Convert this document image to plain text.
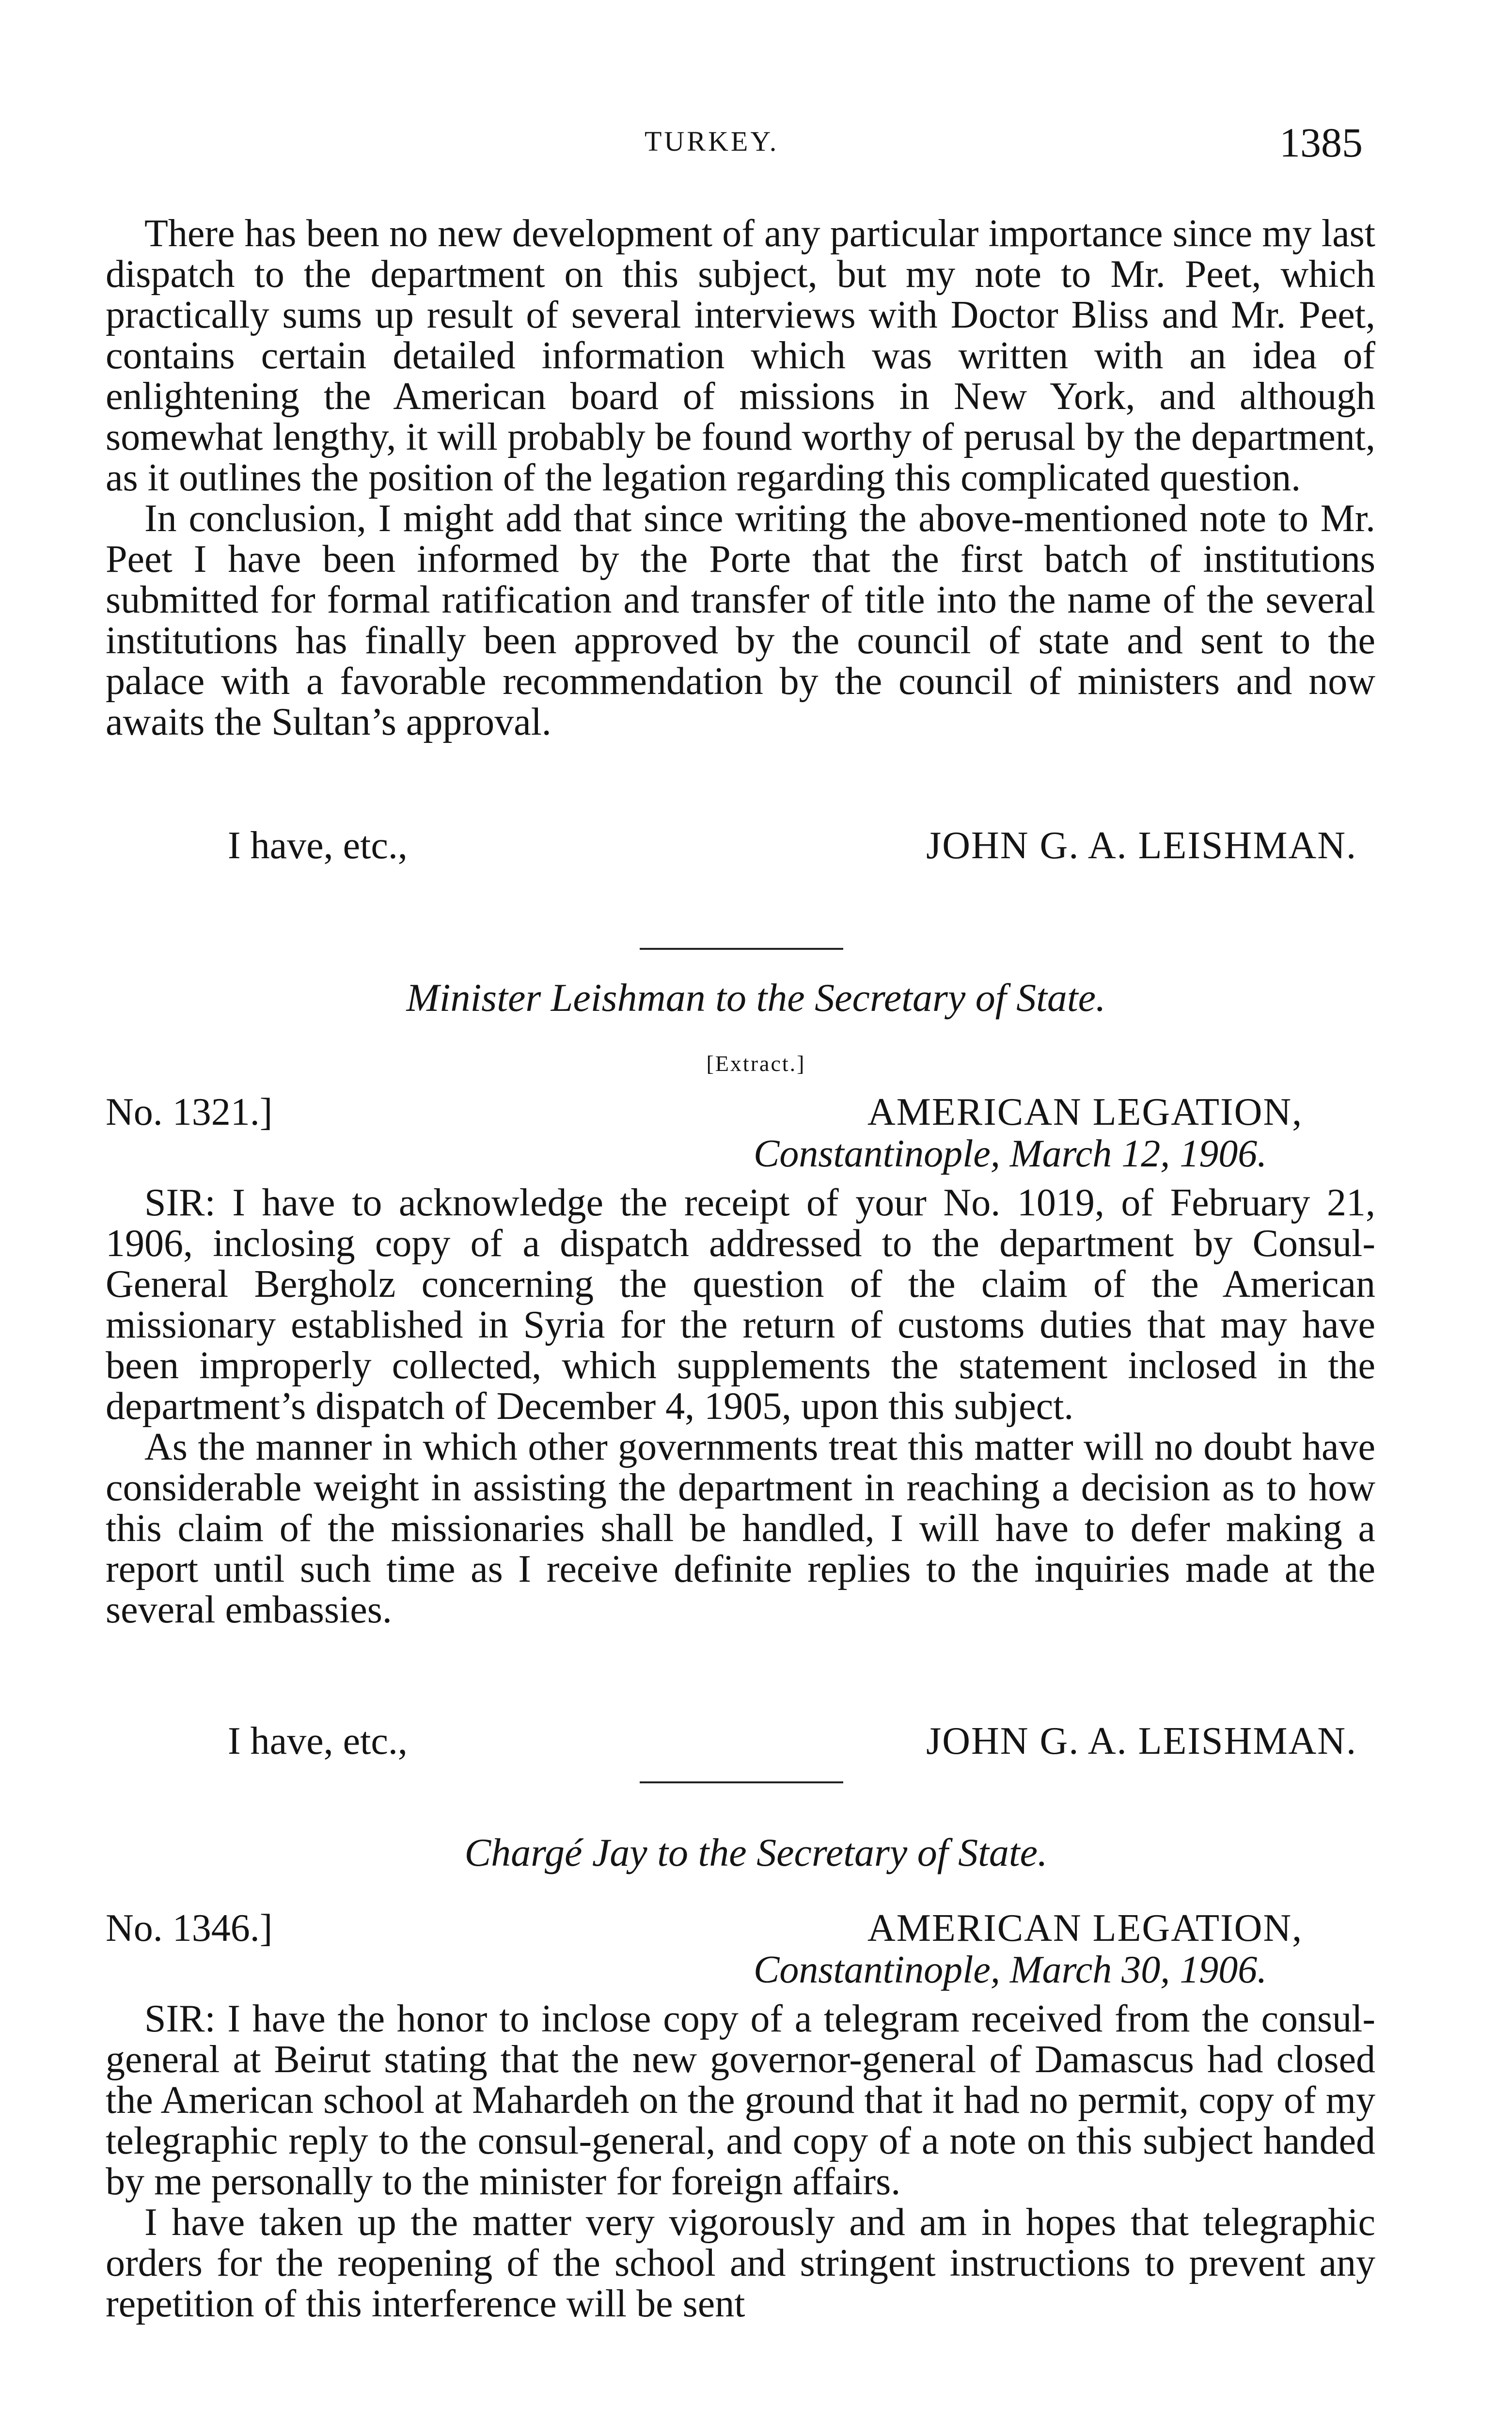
TURKEY.	1385

There has been no new development of any particular importance since my last dispatch to the department on this subject, but my note to Mr. Peet, which practically sums up result of several interviews with Doctor Bliss and Mr. Peet, contains certain detailed information which was written with an idea of enlightening the American board of missions in New York, and although somewhat lengthy, it will probably be found worthy of perusal by the department, as it outlines the position of the legation regarding this complicated question.

In conclusion, I might add that since writing the above-mentioned note to Mr. Peet I have been informed by the Porte that the first batch of institutions submitted for formal ratification and transfer of title into the name of the several institutions has finally been approved by the council of state and sent to the palace with a favorable recommendation by the council of ministers and now awaits the Sultan’s approval.

I have, etc.,	JOHN G. A. LEISHMAN.
Minister Leishman to the Secretary of State.
[Extract.]
No. 1321.]	AMERICAN LEGATION,
Constantinople, March 12, 1906.

SIR: I have to acknowledge the receipt of your No. 1019, of February 21, 1906, inclosing copy of a dispatch addressed to the department by Consul-General Bergholz concerning the question of the claim of the American missionary established in Syria for the return of customs duties that may have been improperly collected, which supplements the statement inclosed in the department’s dispatch of December 4, 1905, upon this subject.

As the manner in which other governments treat this matter will no doubt have considerable weight in assisting the department in reaching a decision as to how this claim of the missionaries shall be handled, I will have to defer making a report until such time as I receive definite replies to the inquiries made at the several embassies.

I have, etc.,	JOHN G. A. LEISHMAN.
Chargé Jay to the Secretary of State.
No. 1346.]	AMERICAN LEGATION,
Constantinople, March 30, 1906.

SIR: I have the honor to inclose copy of a telegram received from the consul-general at Beirut stating that the new governor-general of Damascus had closed the American school at Mahardeh on the ground that it had no permit, copy of my telegraphic reply to the consul-general, and copy of a note on this subject handed by me personally to the minister for foreign affairs.

I have taken up the matter very vigorously and am in hopes that telegraphic orders for the reopening of the school and stringent instructions to prevent any repetition of this interference will be sent
